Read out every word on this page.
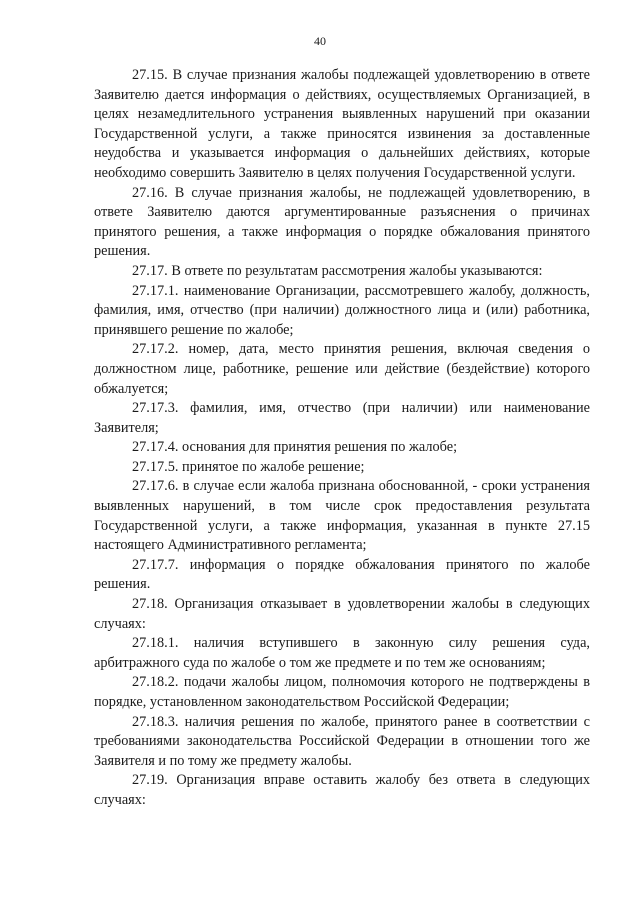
40

27.15. В случае признания жалобы подлежащей удовлетворению в ответе Заявителю дается информация о действиях, осуществляемых Организацией, в целях незамедлительного устранения выявленных нарушений при оказании Государственной услуги, а также приносятся извинения за доставленные неудобства и указывается информация о дальнейших действиях, которые необходимо совершить Заявителю в целях получения Государственной услуги.

27.16. В случае признания жалобы, не подлежащей удовлетворению, в ответе Заявителю даются аргументированные разъяснения о причинах принятого решения, а также информация о порядке обжалования принятого решения.

27.17. В ответе по результатам рассмотрения жалобы указываются:

27.17.1. наименование Организации, рассмотревшего жалобу, должность, фамилия, имя, отчество (при наличии) должностного лица и (или) работника, принявшего решение по жалобе;

27.17.2. номер, дата, место принятия решения, включая сведения о должностном лице, работнике, решение или действие (бездействие) которого обжалуется;

27.17.3. фамилия, имя, отчество (при наличии) или наименование Заявителя;

27.17.4. основания для принятия решения по жалобе;

27.17.5. принятое по жалобе решение;

27.17.6. в случае если жалоба признана обоснованной, - сроки устранения выявленных нарушений, в том числе срок предоставления результата Государственной услуги, а также информация, указанная в пункте 27.15 настоящего Административного регламента;

27.17.7. информация о порядке обжалования принятого по жалобе решения.

27.18. Организация отказывает в удовлетворении жалобы в следующих случаях:

27.18.1. наличия вступившего в законную силу решения суда, арбитражного суда по жалобе о том же предмете и по тем же основаниям;

27.18.2. подачи жалобы лицом, полномочия которого не подтверждены в порядке, установленном законодательством Российской Федерации;

27.18.3. наличия решения по жалобе, принятого ранее в соответствии с требованиями законодательства Российской Федерации в отношении того же Заявителя и по тому же предмету жалобы.

27.19. Организация вправе оставить жалобу без ответа в следующих случаях:
